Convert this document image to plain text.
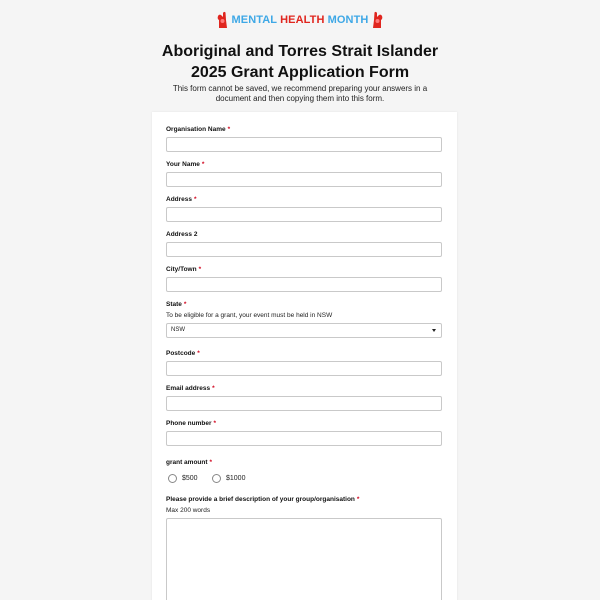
MENTAL HEALTH MONTH
Aboriginal and Torres Strait Islander
2025 Grant Application Form
This form cannot be saved, we recommend preparing your answers in a document and then copying them into this form.
Organisation Name *
Your Name *
Address *
Address 2
City/Town *
State *
To be eligible for a grant, your event must be held in NSW
NSW
Postcode *
Email address *
Phone number *
grant amount *
$500	$1000
Please provide a brief description of your group/organisation *
Max 200 words
